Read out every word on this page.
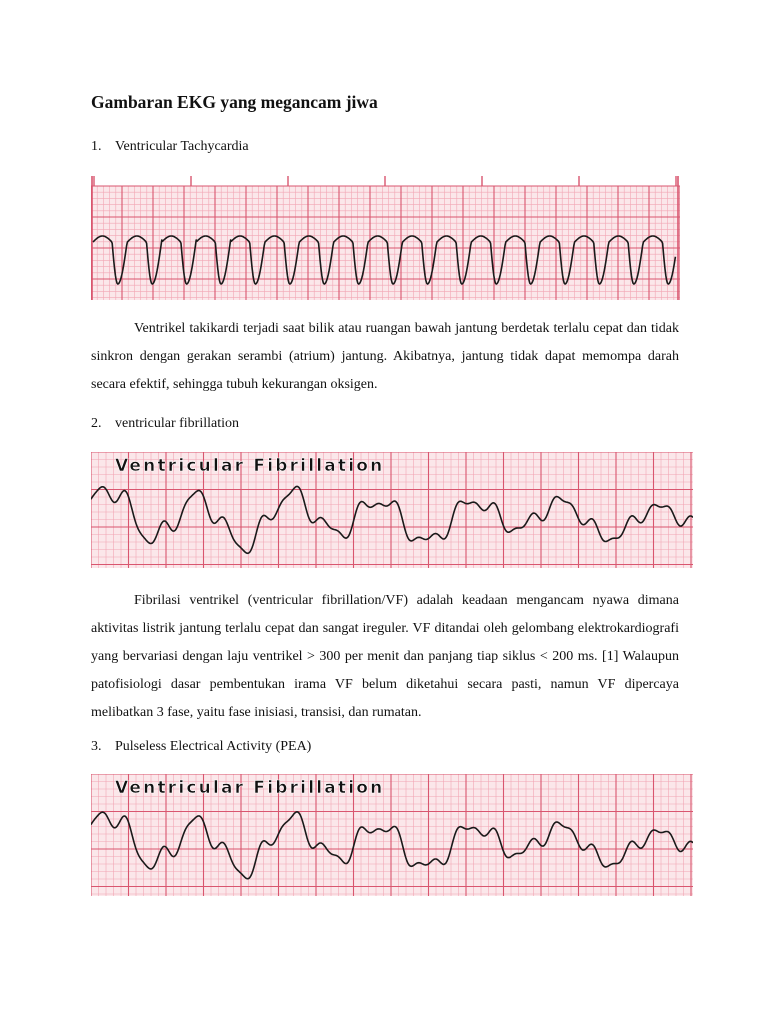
Gambaran EKG yang megancam jiwa
1. Ventricular Tachycardia

Ventrikel takikardi terjadi saat bilik atau ruangan bawah jantung berdetak terlalu cepat dan tidak sinkron dengan gerakan serambi (atrium) jantung. Akibatnya, jantung tidak dapat memompa darah secara efektif, sehingga tubuh kekurangan oksigen.

2. ventricular fibrillation
Ventricular Fibrillation

Fibrilasi ventrikel (ventricular fibrillation/VF) adalah keadaan mengancam nyawa dimana aktivitas listrik jantung terlalu cepat dan sangat ireguler. VF ditandai oleh gelombang elektrokardiografi yang bervariasi dengan laju ventrikel > 300 per menit dan panjang tiap siklus < 200 ms. [1] Walaupun patofisiologi dasar pembentukan irama VF belum diketahui secara pasti, namun VF dipercaya melibatkan 3 fase, yaitu fase inisiasi, transisi, dan rumatan.

3. Pulseless Electrical Activity (PEA)
Ventricular Fibrillation
